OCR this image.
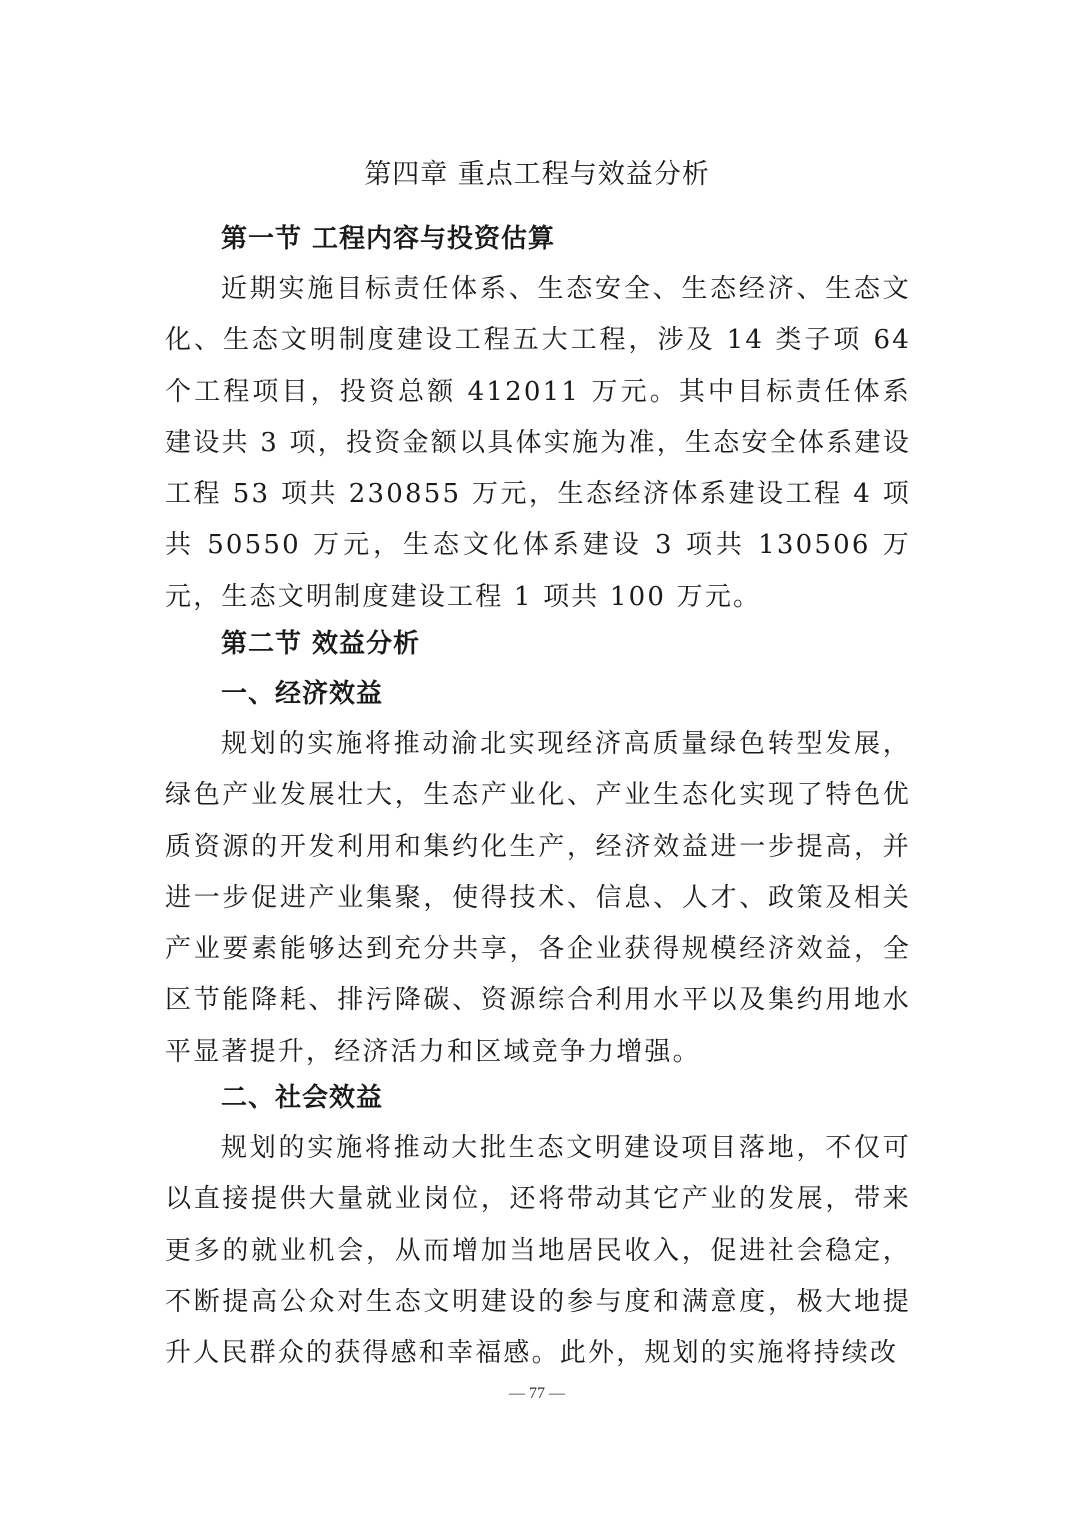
第四章 重点工程与效益分析
第一节 工程内容与投资估算

近期实施目标责任体系、生态安全、生态经济、生态文化、生态文明制度建设工程五大工程，涉及 14 类子项 64 个工程项目，投资总额 412011 万元。其中目标责任体系建设共 3 项，投资金额以具体实施为准，生态安全体系建设工程 53 项共 230855 万元，生态经济体系建设工程 4 项共 50550 万元，生态文化体系建设 3 项共 130506 万元，生态文明制度建设工程 1 项共 100 万元。

第二节 效益分析
一、经济效益

规划的实施将推动渝北实现经济高质量绿色转型发展，绿色产业发展壮大，生态产业化、产业生态化实现了特色优质资源的开发利用和集约化生产，经济效益进一步提高，并进一步促进产业集聚，使得技术、信息、人才、政策及相关产业要素能够达到充分共享，各企业获得规模经济效益，全区节能降耗、排污降碳、资源综合利用水平以及集约用地水平显著提升，经济活力和区域竞争力增强。

二、社会效益

规划的实施将推动大批生态文明建设项目落地，不仅可以直接提供大量就业岗位，还将带动其它产业的发展，带来更多的就业机会，从而增加当地居民收入，促进社会稳定，不断提高公众对生态文明建设的参与度和满意度，极大地提升人民群众的获得感和幸福感。此外，规划的实施将持续改

— 77 —
